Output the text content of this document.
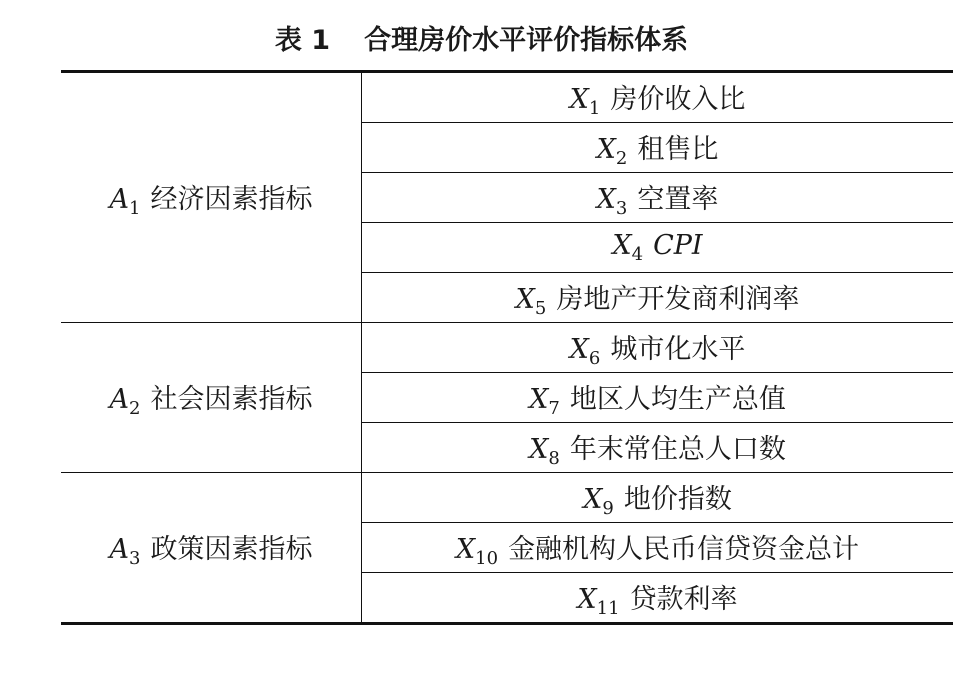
表 1 合理房价水平评价指标体系
$A_1$ 经济因素指标	$X_1$ 房价收入比
	$X_2$ 租售比
	$X_3$ 空置率
	$X_4$ CPI
	$X_5$ 房地产开发商利润率
$A_2$ 社会因素指标	$X_6$ 城市化水平
	$X_7$ 地区人均生产总值
	$X_8$ 年末常住总人口数
$A_3$ 政策因素指标	$X_9$ 地价指数
	$X_{10}$ 金融机构人民币信贷资金总计
	$X_{11}$ 贷款利率
